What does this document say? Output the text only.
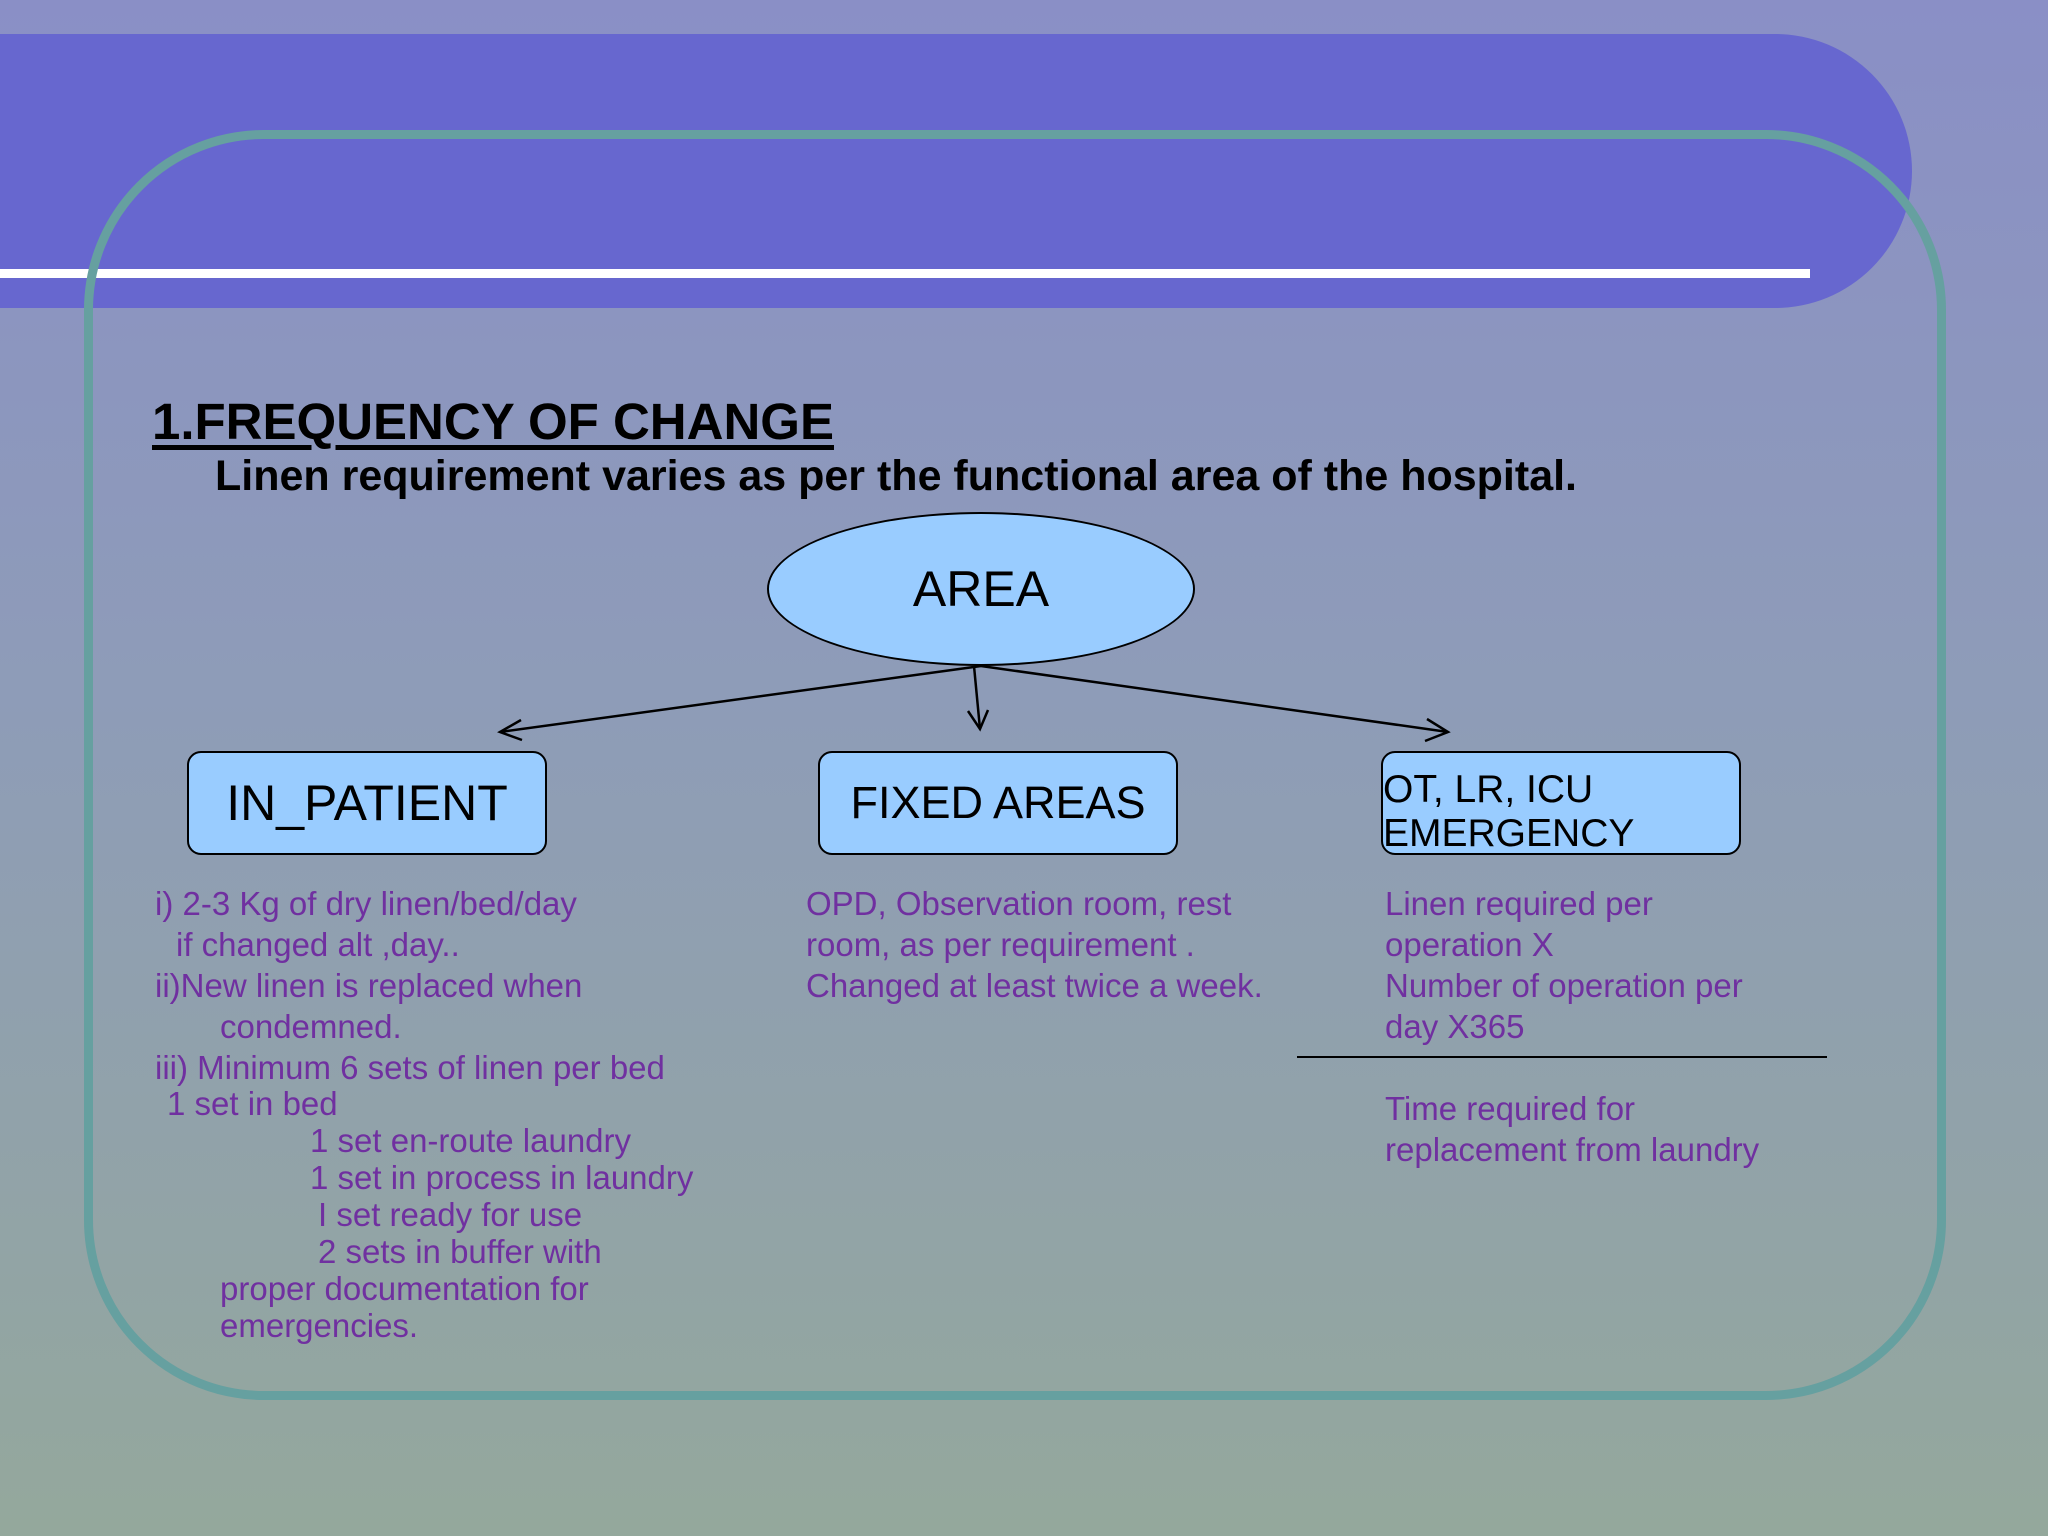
1.FREQUENCY OF CHANGE

Linen requirement varies as per the functional area of the hospital.

AREA
IN_PATIENT	FIXED AREAS	OT, LR, ICU
EMERGENCY

i) 2-3 Kg of dry linen/bed/day

if changed alt ,day..

ii)New linen is replaced when

condemned.

iii) Minimum 6 sets of linen per bed

1 set in bed

1 set en-route laundry

1 set in process in laundry

I set ready for use

2 sets in buffer with

proper documentation for

emergencies.

OPD, Observation room, rest

room, as per requirement .

Changed at least twice a week.

Linen required per

operation X

Number of operation per

day X365

Time required for

replacement from laundry
